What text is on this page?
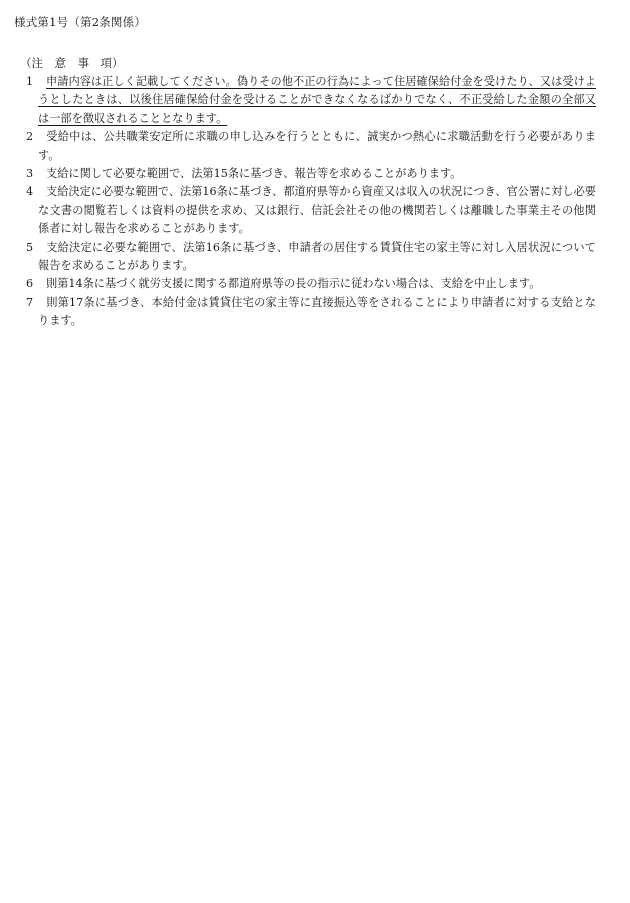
様式第1号（第2条関係）
（注　意　事　項）
1 申請内容は正しく記載してください。偽りその他不正の行為によって住居確保給付金を受けたり、又は受けようとしたときは、以後住居確保給付金を受けることができなくなるばかりでなく、不正受給した金額の全部又は一部を徴収されることとなります。
2 受給中は、公共職業安定所に求職の申し込みを行うとともに、誠実かつ熱心に求職活動を行う必要があります。
3 支給に関して必要な範囲で、法第15条に基づき、報告等を求めることがあります。
4 支給決定に必要な範囲で、法第16条に基づき、都道府県等から資産又は収入の状況につき、官公署に対し必要な文書の閲覧若しくは資料の提供を求め、又は銀行、信託会社その他の機関若しくは離職した事業主その他関係者に対し報告を求めることがあります。
5 支給決定に必要な範囲で、法第16条に基づき、申請者の居住する賃貸住宅の家主等に対し入居状況について報告を求めることがあります。
6 則第14条に基づく就労支援に関する都道府県等の長の指示に従わない場合は、支給を中止します。
7 則第17条に基づき、本給付金は賃貸住宅の家主等に直接振込等をされることにより申請者に対する支給となります。
